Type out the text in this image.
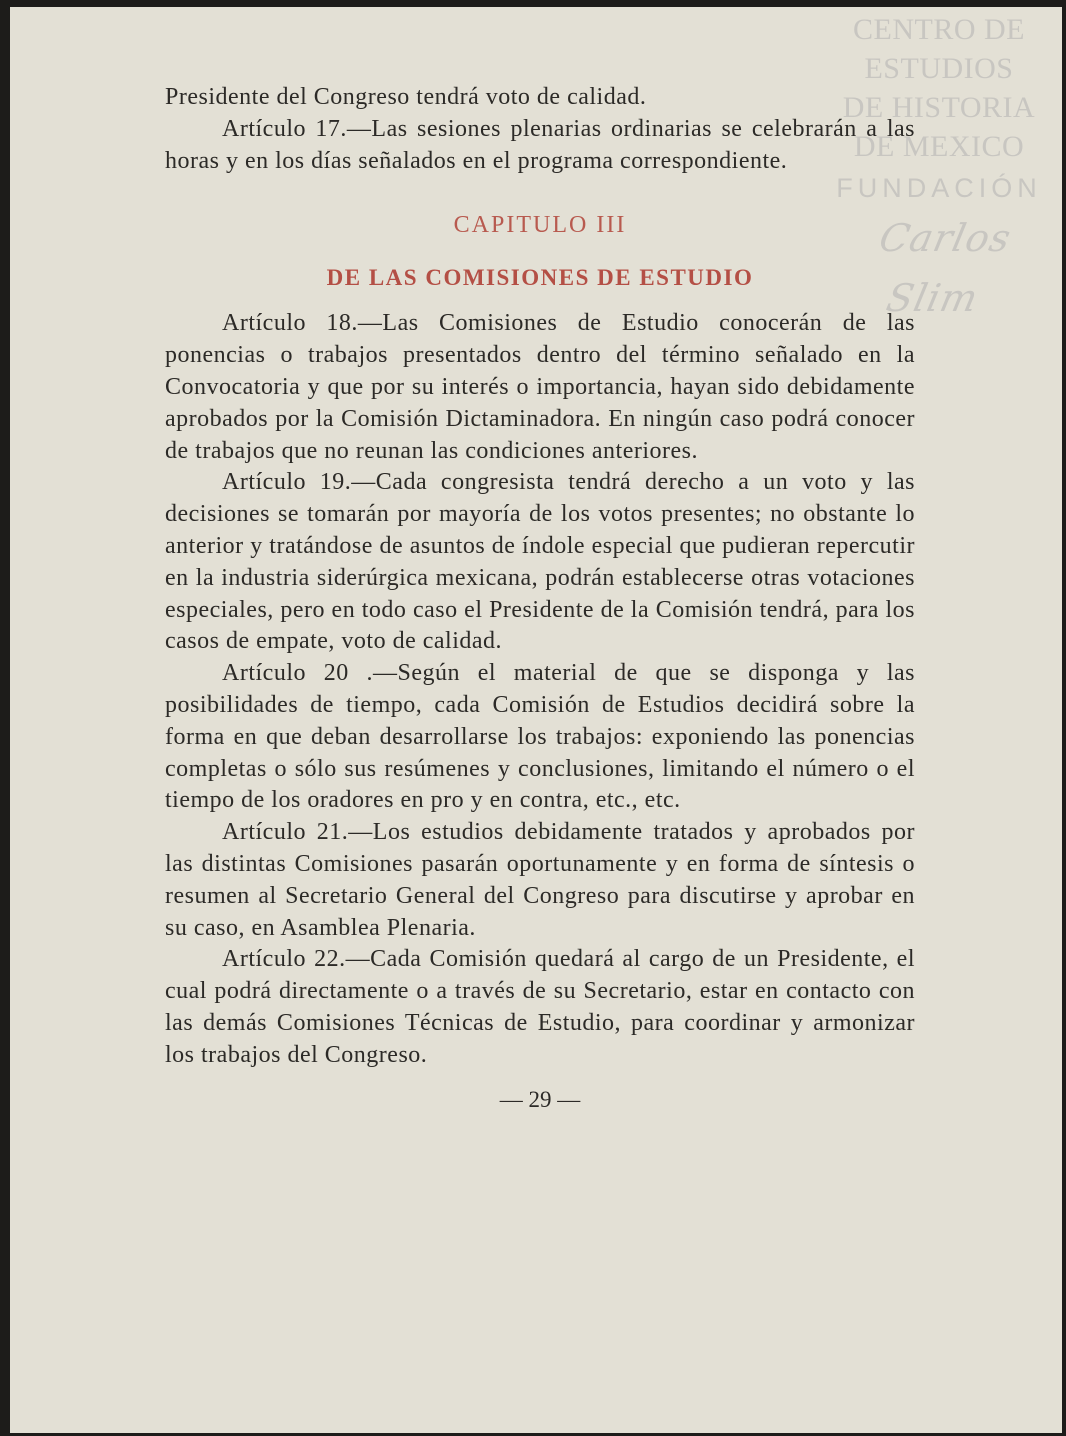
CENTRO DE
ESTUDIOS
DE HISTORIA
DE MEXICO
FUNDACIÓN
Carlos Slim

Presidente del Congreso tendrá voto de calidad.

Artículo 17.—Las sesiones plenarias ordinarias se celebrarán a las horas y en los días señalados en el programa correspondiente.

CAPITULO III
DE LAS COMISIONES DE ESTUDIO

Artículo 18.—Las Comisiones de Estudio conocerán de las ponencias o trabajos presentados dentro del término señalado en la Convocatoria y que por su interés o importancia, hayan sido debidamente aprobados por la Comisión Dictaminadora. En ningún caso podrá conocer de trabajos que no reunan las condiciones anteriores.

Artículo 19.—Cada congresista tendrá derecho a un voto y las decisiones se tomarán por mayoría de los votos presentes; no obstante lo anterior y tratándose de asuntos de índole especial que pudieran repercutir en la industria siderúrgica mexicana, podrán establecerse otras votaciones especiales, pero en todo caso el Presidente de la Comisión tendrá, para los casos de empate, voto de calidad.

Artículo 20 .—Según el material de que se disponga y las posibilidades de tiempo, cada Comisión de Estudios decidirá sobre la forma en que deban desarrollarse los trabajos: exponiendo las ponencias completas o sólo sus resúmenes y conclusiones, limitando el número o el tiempo de los oradores en pro y en contra, etc., etc.

Artículo 21.—Los estudios debidamente tratados y aprobados por las distintas Comisiones pasarán oportunamente y en forma de síntesis o resumen al Secretario General del Congreso para discutirse y aprobar en su caso, en Asamblea Plenaria.

Artículo 22.—Cada Comisión quedará al cargo de un Presidente, el cual podrá directamente o a través de su Secretario, estar en contacto con las demás Comisiones Técnicas de Estudio, para coordinar y armonizar los trabajos del Congreso.

— 29 —
